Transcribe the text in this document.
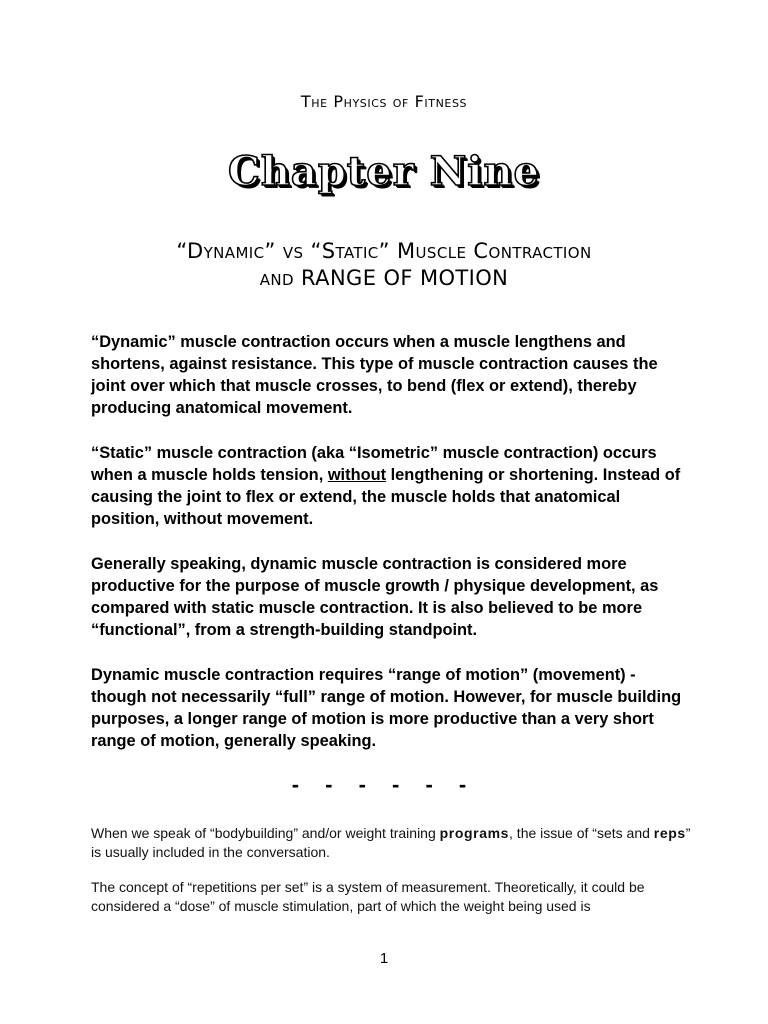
The Physics of Fitness
Chapter Nine
“Dynamic” vs “Static” Muscle Contraction
and RANGE OF MOTION

“Dynamic” muscle contraction occurs when a muscle lengthens and shortens, against resistance. This type of muscle contraction causes the joint over which that muscle crosses, to bend (flex or extend), thereby producing anatomical movement.

“Static” muscle contraction (aka “Isometric” muscle contraction) occurs when a muscle holds tension, without lengthening or shortening. Instead of causing the joint to flex or extend, the muscle holds that anatomical position, without movement.

Generally speaking, dynamic muscle contraction is considered more productive for the purpose of muscle growth / physique development, as compared with static muscle contraction. It is also believed to be more “functional”, from a strength-building standpoint.

Dynamic muscle contraction requires “range of motion” (movement) - though not necessarily “full” range of motion. However, for muscle building purposes, a longer range of motion is more productive than a very short range of motion, generally speaking.

- - - - - -

When we speak of “bodybuilding” and/or weight training programs, the issue of “sets and reps” is usually included in the conversation.

The concept of “repetitions per set” is a system of measurement. Theoretically, it could be considered a “dose” of muscle stimulation, part of which the weight being used is

1
